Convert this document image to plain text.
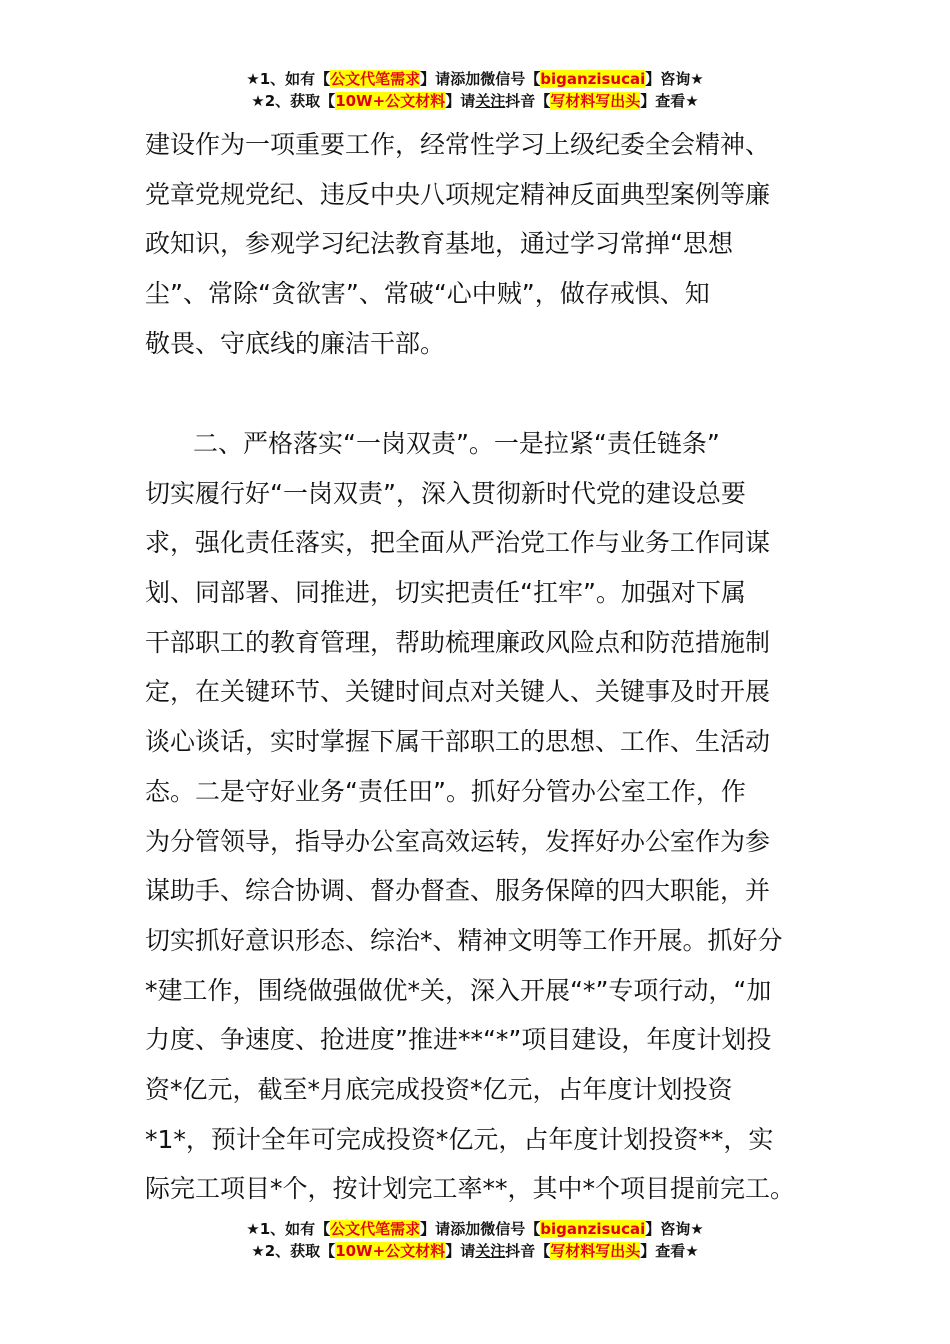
★1、如有【公文代笔需求】请添加微信号【biganzisucai】咨询★
★2、获取【10W+公文材料】请关注抖音【写材料写出头】查看★
建设作为一项重要工作，经常性学习上级纪委全会精神、
党章党规党纪、违反中央八项规定精神反面典型案例等廉
政知识，参观学习纪法教育基地，通过学习常掸“思想
尘”、常除“贪欲害”、常破“心中贼”，做存戒惧、知
敬畏、守底线的廉洁干部。
二、严格落实“一岗双责”。一是拉紧“责任链条”
切实履行好“一岗双责”，深入贯彻新时代党的建设总要
求，强化责任落实，把全面从严治党工作与业务工作同谋
划、同部署、同推进，切实把责任“扛牢”。加强对下属
干部职工的教育管理，帮助梳理廉政风险点和防范措施制
定，在关键环节、关键时间点对关键人、关键事及时开展
谈心谈话，实时掌握下属干部职工的思想、工作、生活动
态。二是守好业务“责任田”。抓好分管办公室工作，作
为分管领导，指导办公室高效运转，发挥好办公室作为参
谋助手、综合协调、督办督查、服务保障的四大职能，并
切实抓好意识形态、综治*、精神文明等工作开展。抓好分
*建工作，围绕做强做优*关，深入开展“*”专项行动，“加
力度、争速度、抢进度”推进**“*”项目建设，年度计划投
资*亿元，截至*月底完成投资*亿元，占年度计划投资
*1*，预计全年可完成投资*亿元，占年度计划投资**，实
际完工项目*个，按计划完工率**，其中*个项目提前完工。
★1、如有【公文代笔需求】请添加微信号【biganzisucai】咨询★
★2、获取【10W+公文材料】请关注抖音【写材料写出头】查看★
